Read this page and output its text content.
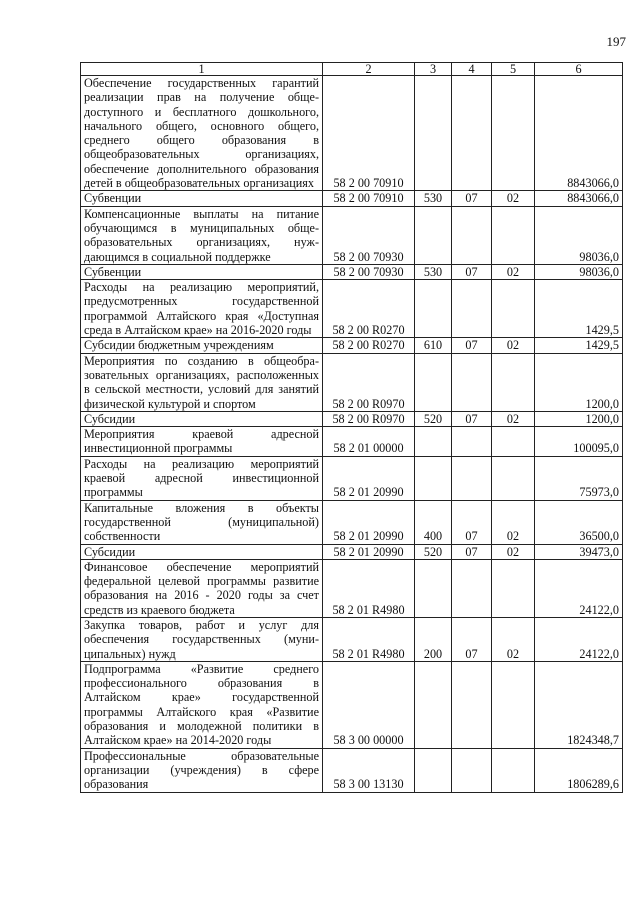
197
1	2	3	4	5	6
Обеспечение государственных гарантий реализации прав на получение общедоступного и бесплатного дошкольного, начального общего, основного общего, среднего общего образования в общеобразовательных организациях, обеспечение дополнительного образования детей в общеобразовательных организациях	58 2 00 70910				8843066,0
Субвенции	58 2 00 70910	530	07	02	8843066,0
Компенсационные выплаты на питание обучающимся в муниципальных общеобразовательных организациях, нуждающимся в социальной поддержке	58 2 00 70930				98036,0
Субвенции	58 2 00 70930	530	07	02	98036,0
Расходы на реализацию мероприятий, предусмотренных государственной программой Алтайского края «Доступная среда в Алтайском крае» на 2016-2020 годы	58 2 00 R0270				1429,5
Субсидии бюджетным учреждениям	58 2 00 R0270	610	07	02	1429,5
Мероприятия по созданию в общеобразовательных организациях, расположенных в сельской местности, условий для занятий физической культурой и спортом	58 2 00 R0970				1200,0
Субсидии	58 2 00 R0970	520	07	02	1200,0
Мероприятия краевой адресной инвестиционной программы	58 2 01 00000				100095,0
Расходы на реализацию мероприятий краевой адресной инвестиционной программы	58 2 01 20990				75973,0
Капитальные вложения в объекты государственной (муниципальной) собственности	58 2 01 20990	400	07	02	36500,0
Субсидии	58 2 01 20990	520	07	02	39473,0
Финансовое обеспечение мероприятий федеральной целевой программы развитие образования на 2016 - 2020 годы за счет средств из краевого бюджета	58 2 01 R4980				24122,0
Закупка товаров, работ и услуг для обеспечения государственных (муниципальных) нужд	58 2 01 R4980	200	07	02	24122,0
Подпрограмма «Развитие среднего профессионального образования в Алтайском крае» государственной программы Алтайского края «Развитие образования и молодежной политики в Алтайском крае» на 2014-2020 годы	58 3 00 00000				1824348,7
Профессиональные образовательные организации (учреждения) в сфере образования	58 3 00 13130				1806289,6
